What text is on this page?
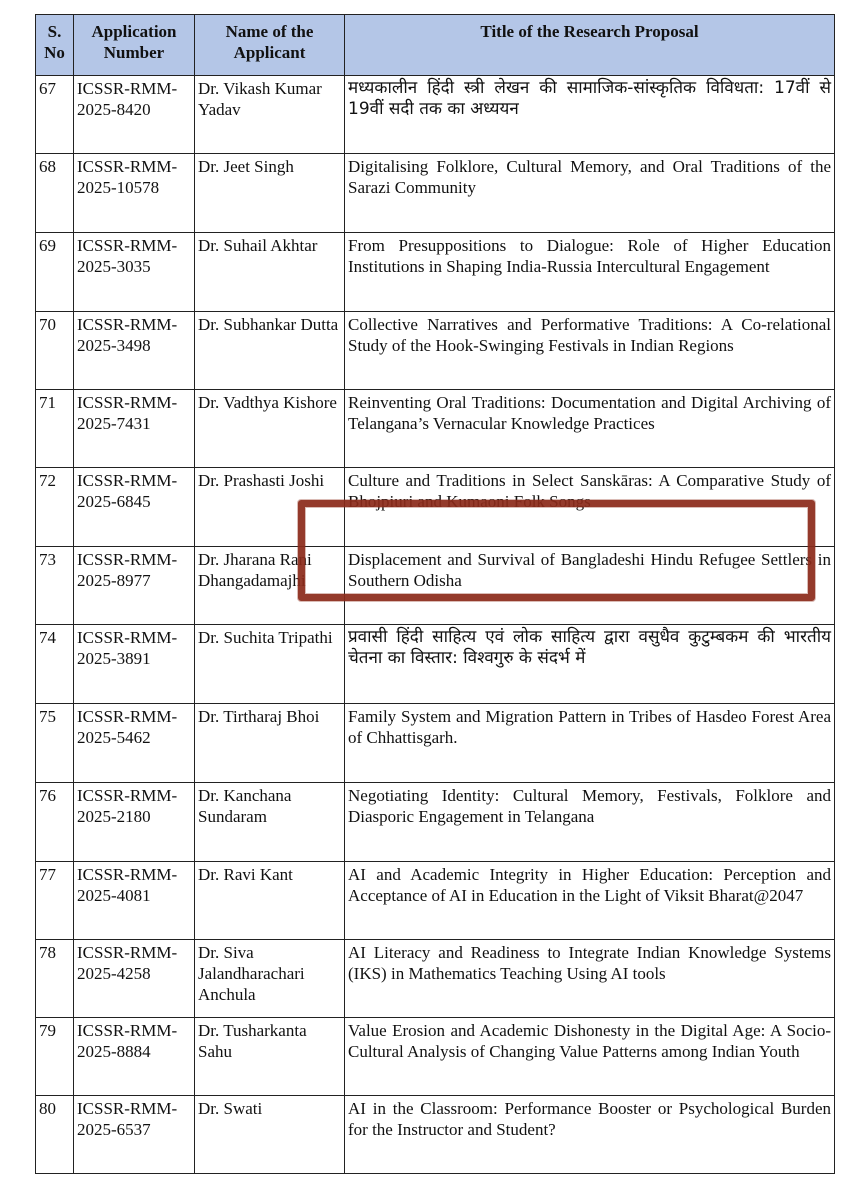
S. No	Application Number	Name of the Applicant	Title of the Research Proposal
67	ICSSR-RMM-2025-8420	Dr. Vikash Kumar Yadav	मध्यकालीन हिंदी स्त्री लेखन की सामाजिक-सांस्कृतिक विविधता: 17वीं से 19वीं सदी तक का अध्ययन
68	ICSSR-RMM-2025-10578	Dr. Jeet Singh	Digitalising Folklore, Cultural Memory, and Oral Traditions of the Sarazi Community
69	ICSSR-RMM-2025-3035	Dr. Suhail Akhtar	From Presuppositions to Dialogue: Role of Higher Education Institutions in Shaping India-Russia Intercultural Engagement
70	ICSSR-RMM-2025-3498	Dr. Subhankar Dutta	Collective Narratives and Performative Traditions: A Co-relational Study of the Hook-Swinging Festivals in Indian Regions
71	ICSSR-RMM-2025-7431	Dr. Vadthya Kishore	Reinventing Oral Traditions: Documentation and Digital Archiving of Telangana’s Vernacular Knowledge Practices
72	ICSSR-RMM-2025-6845	Dr. Prashasti Joshi	Culture and Traditions in Select Sanskāras: A Comparative Study of Bhojpiuri and Kumaoni Folk Songs
73	ICSSR-RMM-2025-8977	Dr. Jharana Rani Dhangadamajhi	Displacement and Survival of Bangladeshi Hindu Refugee Settlers in Southern Odisha
74	ICSSR-RMM-2025-3891	Dr. Suchita Tripathi	प्रवासी हिंदी साहित्य एवं लोक साहित्य द्वारा वसुधैव कुटुम्बकम की भारतीय चेतना का विस्तार: विश्वगुरु के संदर्भ में
75	ICSSR-RMM-2025-5462	Dr. Tirtharaj Bhoi	Family System and Migration Pattern in Tribes of Hasdeo Forest Area of Chhattisgarh.
76	ICSSR-RMM-2025-2180	Dr. Kanchana Sundaram	Negotiating Identity: Cultural Memory, Festivals, Folklore and Diasporic Engagement in Telangana
77	ICSSR-RMM-2025-4081	Dr. Ravi Kant	AI and Academic Integrity in Higher Education: Perception and Acceptance of AI in Education in the Light of Viksit Bharat@2047
78	ICSSR-RMM-2025-4258	Dr. Siva Jalandharachari Anchula	AI Literacy and Readiness to Integrate Indian Knowledge Systems (IKS) in Mathematics Teaching Using AI tools
79	ICSSR-RMM-2025-8884	Dr. Tusharkanta Sahu	Value Erosion and Academic Dishonesty in the Digital Age: A Socio-Cultural Analysis of Changing Value Patterns among Indian Youth
80	ICSSR-RMM-2025-6537	Dr. Swati	AI in the Classroom: Performance Booster or Psychological Burden for the Instructor and Student?
